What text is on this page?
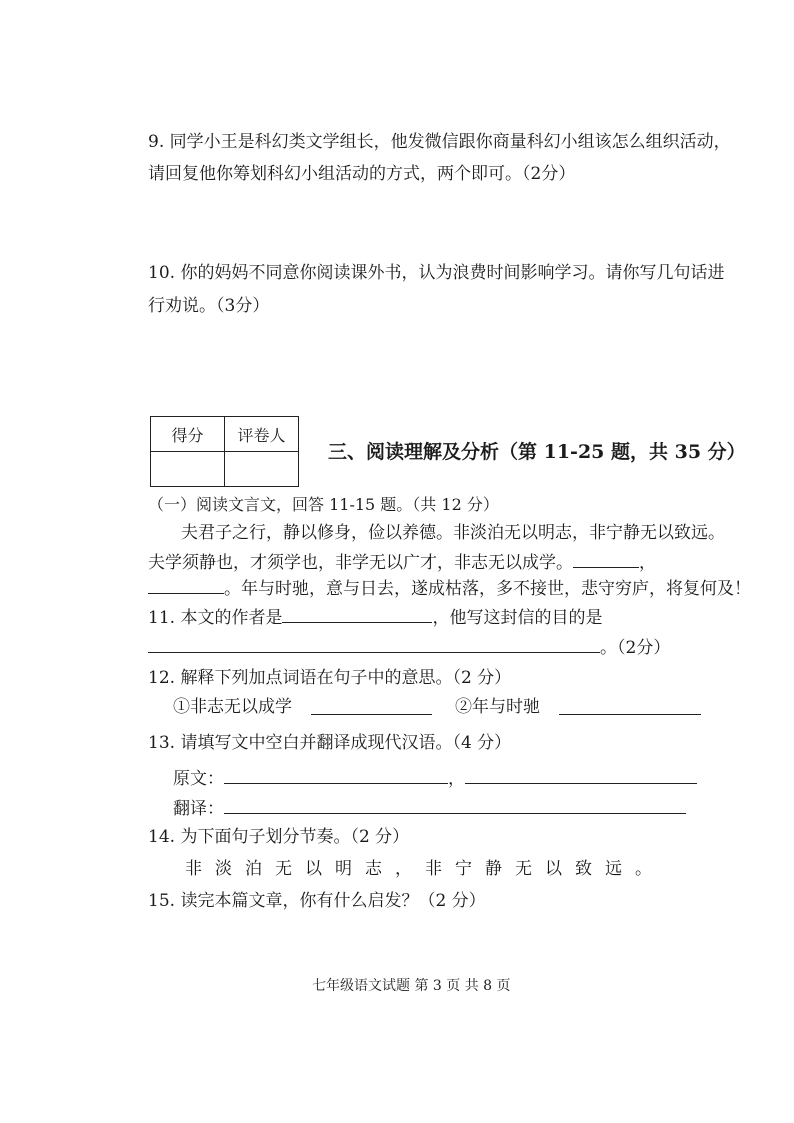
9. 同学小王是科幻类文学组长，他发微信跟你商量科幻小组该怎么组织活动，
请回复他你筹划科幻小组活动的方式，两个即可。（2分）
10. 你的妈妈不同意你阅读课外书，认为浪费时间影响学习。请你写几句话进
行劝说。（3分）
得分	评卷人

三、阅读理解及分析（第 11-25 题，共 35 分）
（一）阅读文言文，回答 11-15 题。（共 12 分）
夫君子之行，静以修身，俭以养德。非淡泊无以明志，非宁静无以致远。
夫学须静也，才须学也，非学无以广才，非志无以成学。	，
。年与时驰，意与日去，遂成枯落，多不接世，悲守穷庐，将复何及！
11. 本文的作者是	，他写这封信的目的是
。（2分）
12. 解释下列加点词语在句子中的意思。（2 分）
①非志无以成学	②年与时驰
13. 请填写文中空白并翻译成现代汉语。（4 分）
原文：	，
翻译：
14. 为下面句子划分节奏。（2 分）
非淡泊无以明志，非宁静无以致远。
15. 读完本篇文章，你有什么启发？（2 分）
七年级语文试题 第 3 页 共 8 页
